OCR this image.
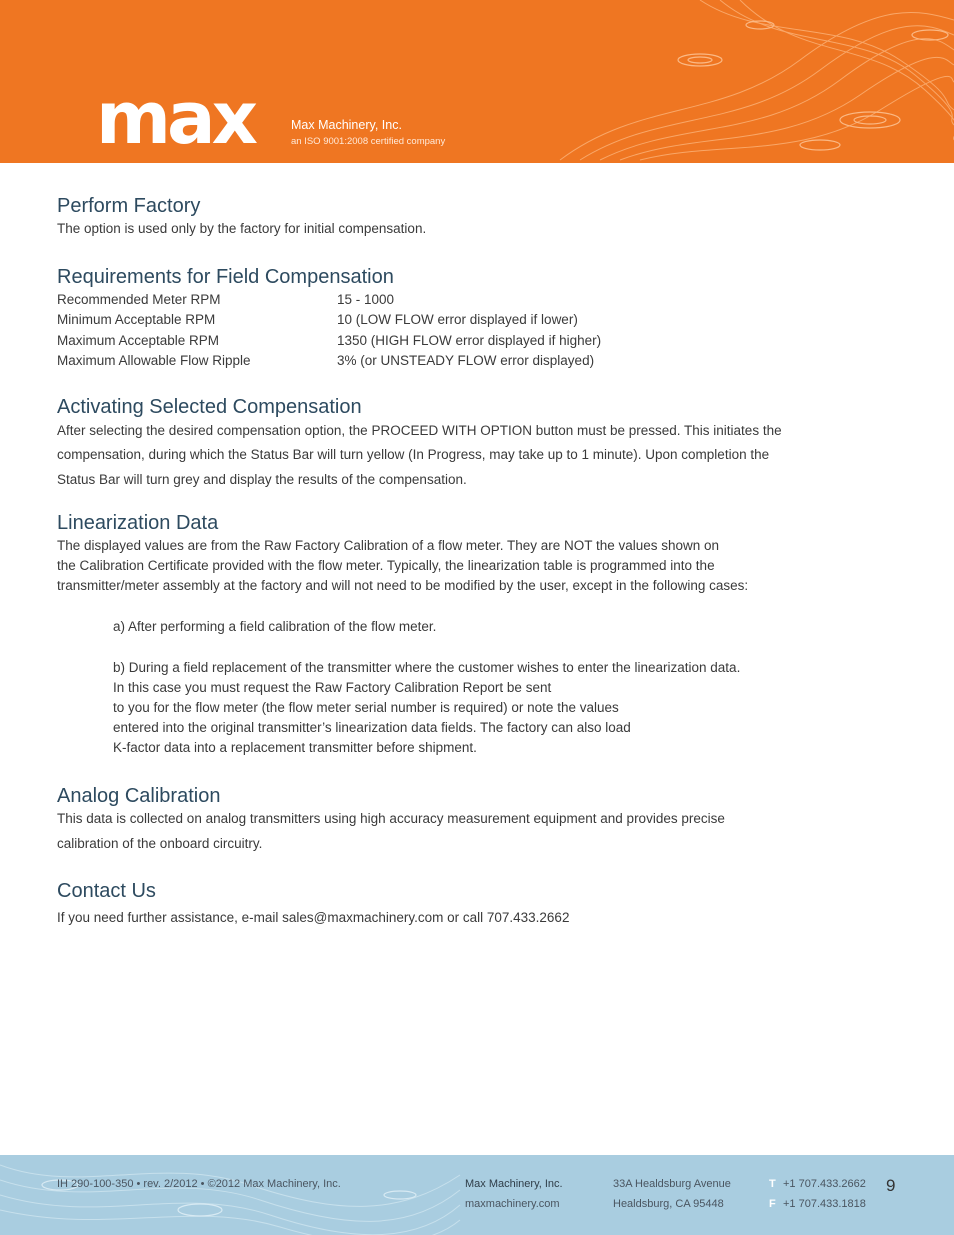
max	Max Machinery, Inc.
an ISO 9001:2008 certified company
Perform Factory

The option is used only by the factory for initial compensation.

Requirements for Field Compensation
Recommended Meter RPM	15 - 1000
Minimum Acceptable RPM	10 (LOW FLOW error displayed if lower)
Maximum Acceptable RPM	1350 (HIGH FLOW error displayed if higher)
Maximum Allowable Flow Ripple	3% (or UNSTEADY FLOW error displayed)
Activating Selected Compensation

After selecting the desired compensation option, the PROCEED WITH OPTION button must be pressed. This initiates the

compensation, during which the Status Bar will turn yellow (In Progress, may take up to 1 minute). Upon completion the

Status Bar will turn grey and display the results of the compensation.

Linearization Data

The displayed values are from the Raw Factory Calibration of a flow meter. They are NOT the values shown on

the Calibration Certificate provided with the flow meter. Typically, the linearization table is programmed into the

transmitter/meter assembly at the factory and will not need to be modified by the user, except in the following cases:

a) After performing a field calibration of the flow meter.

b) During a field replacement of the transmitter where the customer wishes to enter the linearization data.

In this case you must request the Raw Factory Calibration Report be sent

to you for the flow meter (the flow meter serial number is required) or note the values

entered into the original transmitter’s linearization data fields. The factory can also load

K-factor data into a replacement transmitter before shipment.

Analog Calibration

This data is collected on analog transmitters using high accuracy measurement equipment and provides precise

calibration of the onboard circuitry.

Contact Us

If you need further assistance, e-mail sales@maxmachinery.com or call 707.433.2662

IH 290-100-350 • rev. 2/2012 • ©2012 Max Machinery, Inc.	Max Machinery, Inc.
maxmachinery.com
33A Healdsburg Avenue
Healdsburg, CA 95448
T +1 707.433.2662
F +1 707.433.1818
9
